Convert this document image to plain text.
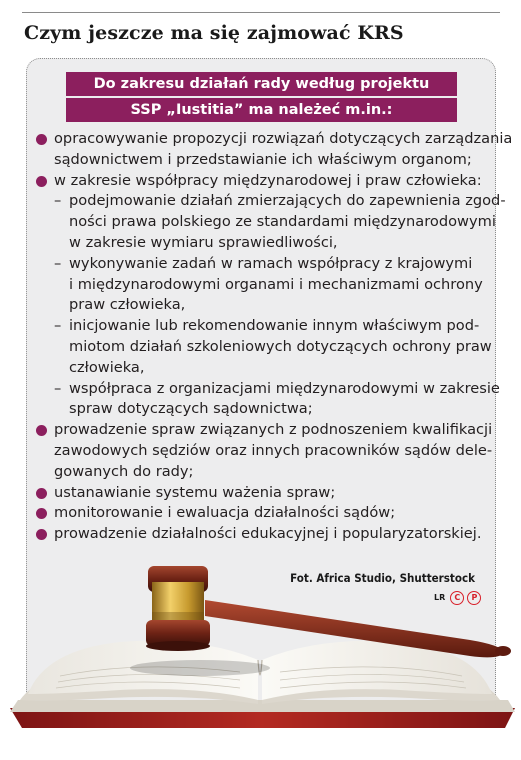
Czym jeszcze ma się zajmować KRS
Do zakresu działań rady według projektu
SSP „Iustitia” ma należeć m.in.:
opracowywanie propozycji rozwiązań dotyczących zarządzania
sądownictwem i przedstawianie ich właściwym organom;
w zakresie współpracy międzynarodowej i praw człowieka:
– podejmowanie działań zmierzających do zapewnienia zgod-
ności prawa polskiego ze standardami międzynarodowymi
w zakresie wymiaru sprawiedliwości,
– wykonywanie zadań w ramach współpracy z krajowymi
i międzynarodowymi organami i mechanizmami ochrony
praw człowieka,
– inicjowanie lub rekomendowanie innym właściwym pod-
miotom działań szkoleniowych dotyczących ochrony praw
człowieka,
– współpraca z organizacjami międzynarodowymi w zakresie
spraw dotyczących sądownictwa;
prowadzenie spraw związanych z podnoszeniem kwalifikacji
zawodowych sędziów oraz innych pracowników sądów dele-
gowanych do rady;
ustanawianie systemu ważenia spraw;
monitorowanie i ewaluacja działalności sądów;
prowadzenie działalności edukacyjnej i popularyzatorskiej.
Fot. Africa Studio, Shutterstock
LR C P
